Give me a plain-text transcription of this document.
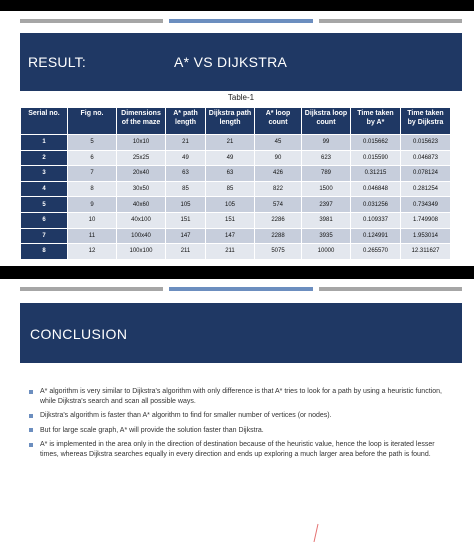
RESULT:	A* VS DIJKSTRA
Table-1
Serial no.	Fig no.	Dimensions of the maze	A* path length	Dijkstra path length	A* loop count	Dijkstra loop count	Time taken by A*	Time taken by Dijkstra
1	5	10x10	21	21	45	99	0.015662	0.015623
2	6	25x25	49	49	90	623	0.015590	0.046873
3	7	20x40	63	63	426	789	0.31215	0.078124
4	8	30x50	85	85	822	1500	0.046848	0.281254
5	9	40x60	105	105	574	2397	0.031256	0.734349
6	10	40x100	151	151	2286	3981	0.109337	1.749908
7	11	100x40	147	147	2288	3935	0.124991	1.953014
8	12	100x100	211	211	5075	10000	0.265570	12.311627
CONCLUSION
A* algorithm is very similar to Dijkstra's algorithm with only difference is that A* tries to look for a path by using a heuristic function, while Dijkstra's search and scan all possible ways.
Dijkstra's algorithm is faster than A* algorithm to find for smaller number of vertices (or nodes).
But for large scale graph, A* will provide the solution faster than Dijkstra.
A* is implemented in the area only in the direction of destination because of the heuristic value, hence the loop is iterated lesser times, whereas Dijkstra searches equally in every direction and ends up exploring a much larger area before the path is found.
